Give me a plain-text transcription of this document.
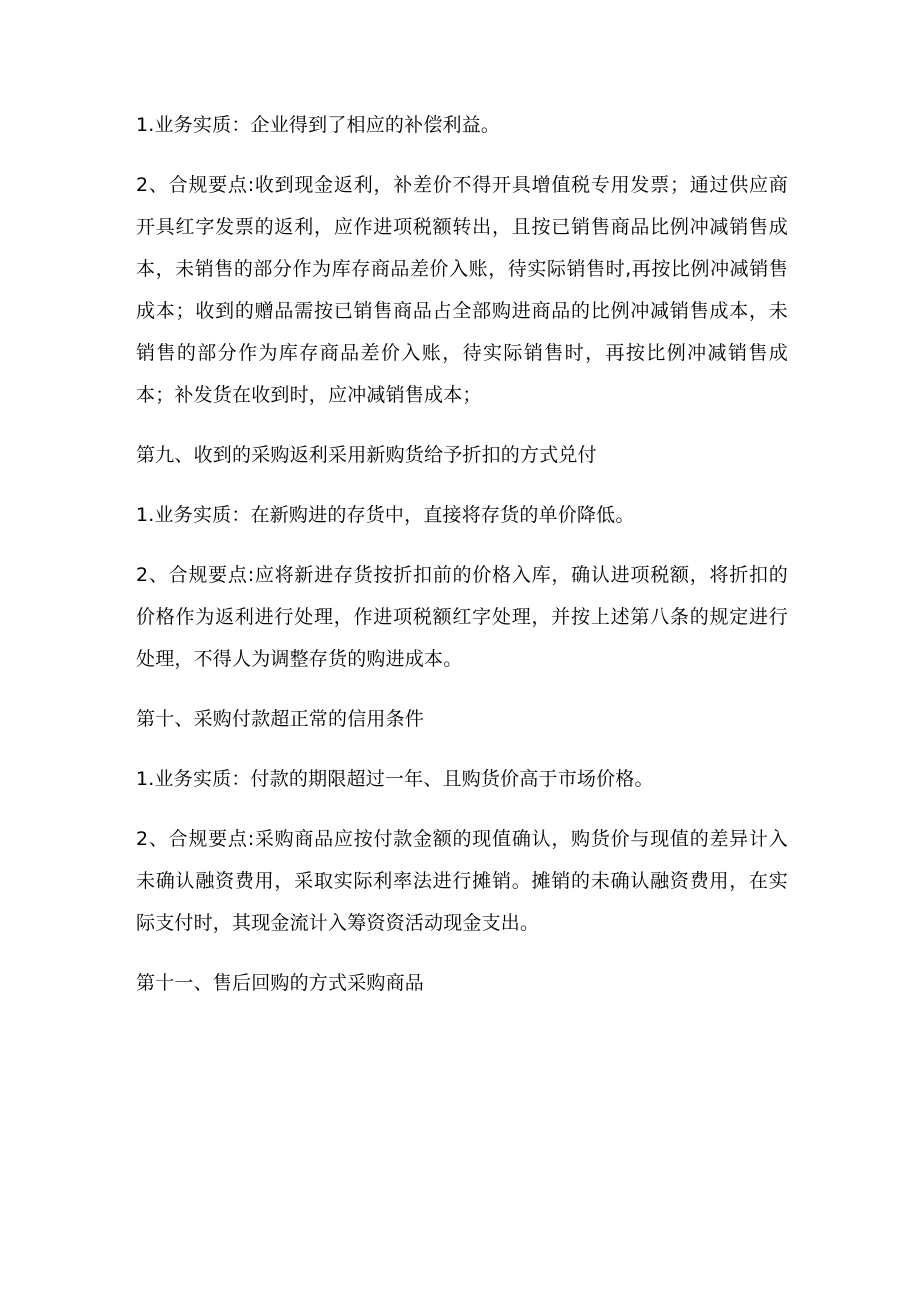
1.业务实质：企业得到了相应的补偿利益。

2、合规要点:收到现金返利，补差价不得开具增值税专用发票；通过供应商开具红字发票的返利，应作进项税额转出，且按已销售商品比例冲减销售成本，未销售的部分作为库存商品差价入账，待实际销售时,再按比例冲减销售成本；收到的赠品需按已销售商品占全部购进商品的比例冲减销售成本，未销售的部分作为库存商品差价入账，待实际销售时，再按比例冲减销售成本；补发货在收到时，应冲减销售成本；

第九、收到的采购返利采用新购货给予折扣的方式兑付

1.业务实质：在新购进的存货中，直接将存货的单价降低。

2、合规要点:应将新进存货按折扣前的价格入库，确认进项税额，将折扣的价格作为返利进行处理，作进项税额红字处理，并按上述第八条的规定进行处理，不得人为调整存货的购进成本。

第十、采购付款超正常的信用条件

1.业务实质：付款的期限超过一年、且购货价高于市场价格。

2、合规要点:采购商品应按付款金额的现值确认，购货价与现值的差异计入未确认融资费用，采取实际利率法进行摊销。摊销的未确认融资费用，在实际支付时，其现金流计入筹资资活动现金支出。

第十一、售后回购的方式采购商品
